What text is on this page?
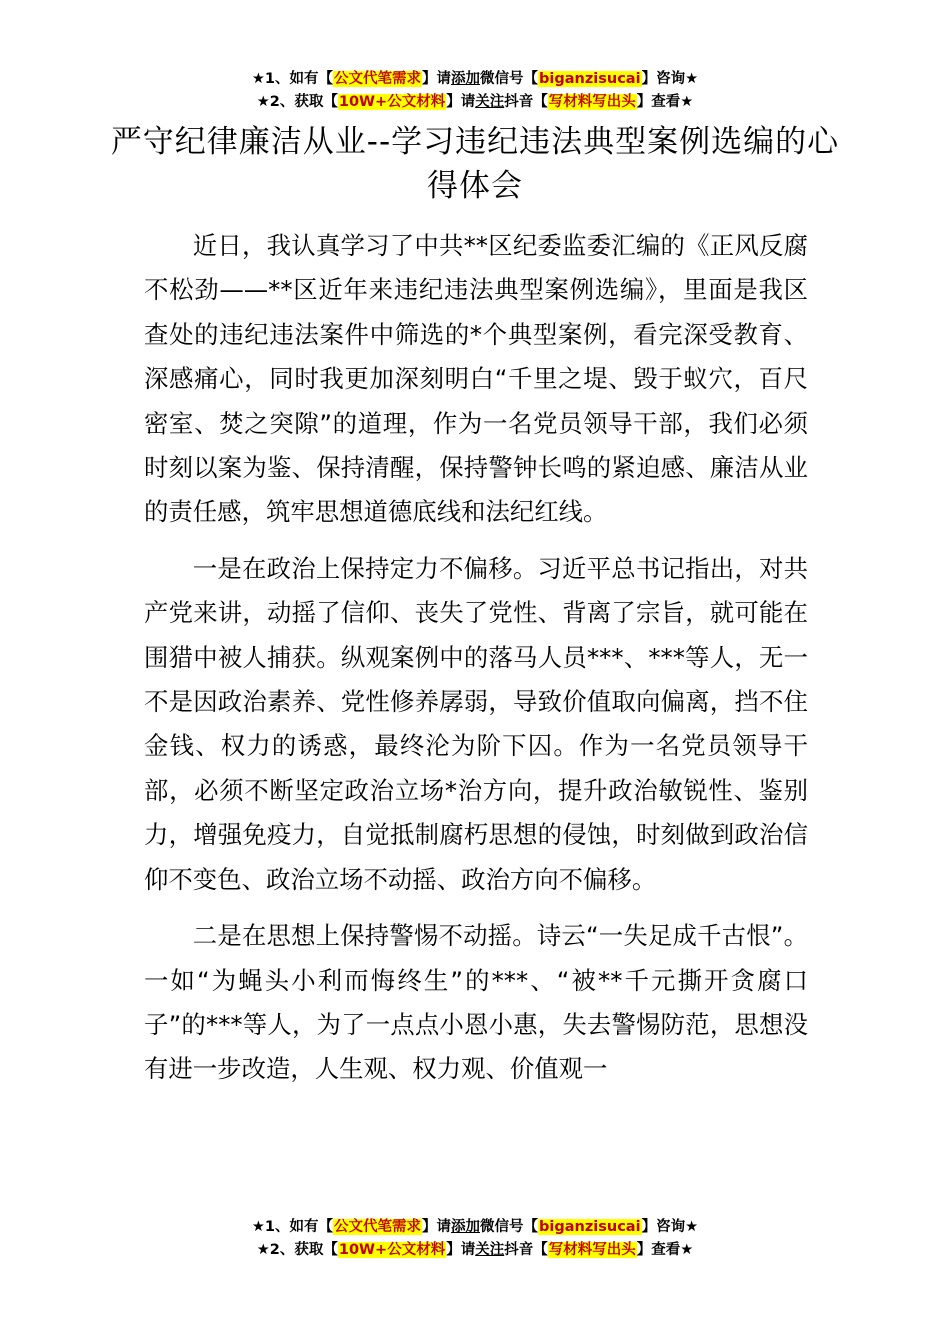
★1、如有【公文代笔需求】请添加微信号【biganzisucai】咨询★
★2、获取【10W+公文材料】请关注抖音【写材料写出头】查看★
严守纪律廉洁从业--学习违纪违法典型案例选编的心得体会

近日，我认真学习了中共**区纪委监委汇编的《正风反腐不松劲——**区近年来违纪违法典型案例选编》，里面是我区查处的违纪违法案件中筛选的*个典型案例，看完深受教育、深感痛心，同时我更加深刻明白“千里之堤、毁于蚁穴，百尺密室、焚之突隙”的道理，作为一名党员领导干部，我们必须时刻以案为鉴、保持清醒，保持警钟长鸣的紧迫感、廉洁从业的责任感，筑牢思想道德底线和法纪红线。

一是在政治上保持定力不偏移。习近平总书记指出，对共产党来讲，动摇了信仰、丧失了党性、背离了宗旨，就可能在围猎中被人捕获。纵观案例中的落马人员***、***等人，无一不是因政治素养、党性修养孱弱，导致价值取向偏离，挡不住金钱、权力的诱惑，最终沦为阶下囚。作为一名党员领导干部，必须不断坚定政治立场*治方向，提升政治敏锐性、鉴别力，增强免疫力，自觉抵制腐朽思想的侵蚀，时刻做到政治信仰不变色、政治立场不动摇、政治方向不偏移。

二是在思想上保持警惕不动摇。诗云“一失足成千古恨”。一如“为蝇头小利而悔终生”的***、“被**千元撕开贪腐口子”的***等人，为了一点点小恩小惠，失去警惕防范，思想没有进一步改造，人生观、权力观、价值观一

★1、如有【公文代笔需求】请添加微信号【biganzisucai】咨询★
★2、获取【10W+公文材料】请关注抖音【写材料写出头】查看★
